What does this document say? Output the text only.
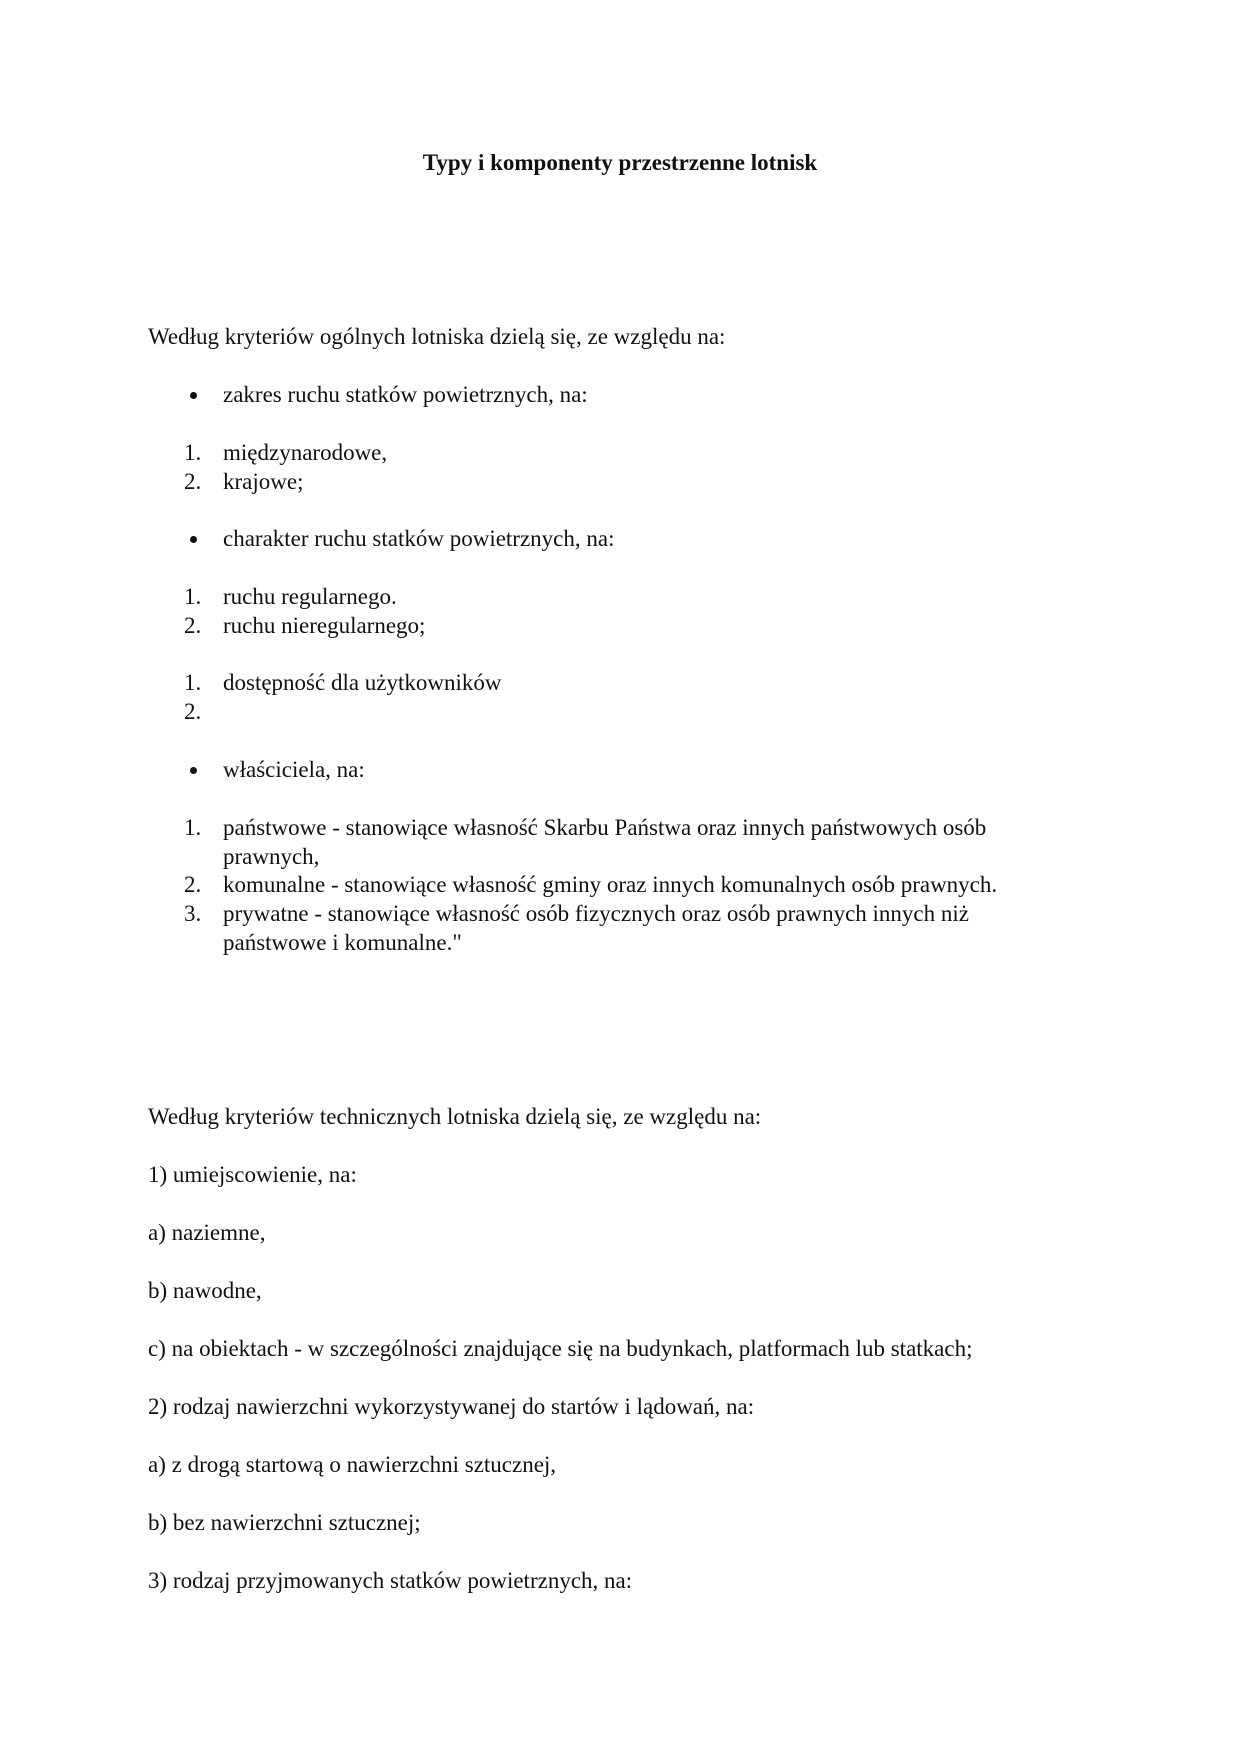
Typy i komponenty przestrzenne lotnisk
Według kryteriów ogólnych lotniska dzielą się, ze względu na:
zakres ruchu statków powietrznych, na:
1. międzynarodowe,
2. krajowe;
charakter ruchu statków powietrznych, na:
1. ruchu regularnego.
2. ruchu nieregularnego;
1. dostępność dla użytkowników
2.
właściciela, na:
1. państwowe - stanowiące własność Skarbu Państwa oraz innych państwowych osób prawnych,
2. komunalne - stanowiące własność gminy oraz innych komunalnych osób prawnych.
3. prywatne - stanowiące własność osób fizycznych oraz osób prawnych innych niż państwowe i komunalne."
Według kryteriów technicznych lotniska dzielą się, ze względu na:
1) umiejscowienie, na:
a) naziemne,
b) nawodne,
c) na obiektach - w szczególności znajdujące się na budynkach, platformach lub statkach;
2) rodzaj nawierzchni wykorzystywanej do startów i lądowań, na:
a) z drogą startową o nawierzchni sztucznej,
b) bez nawierzchni sztucznej;
3) rodzaj przyjmowanych statków powietrznych, na:
